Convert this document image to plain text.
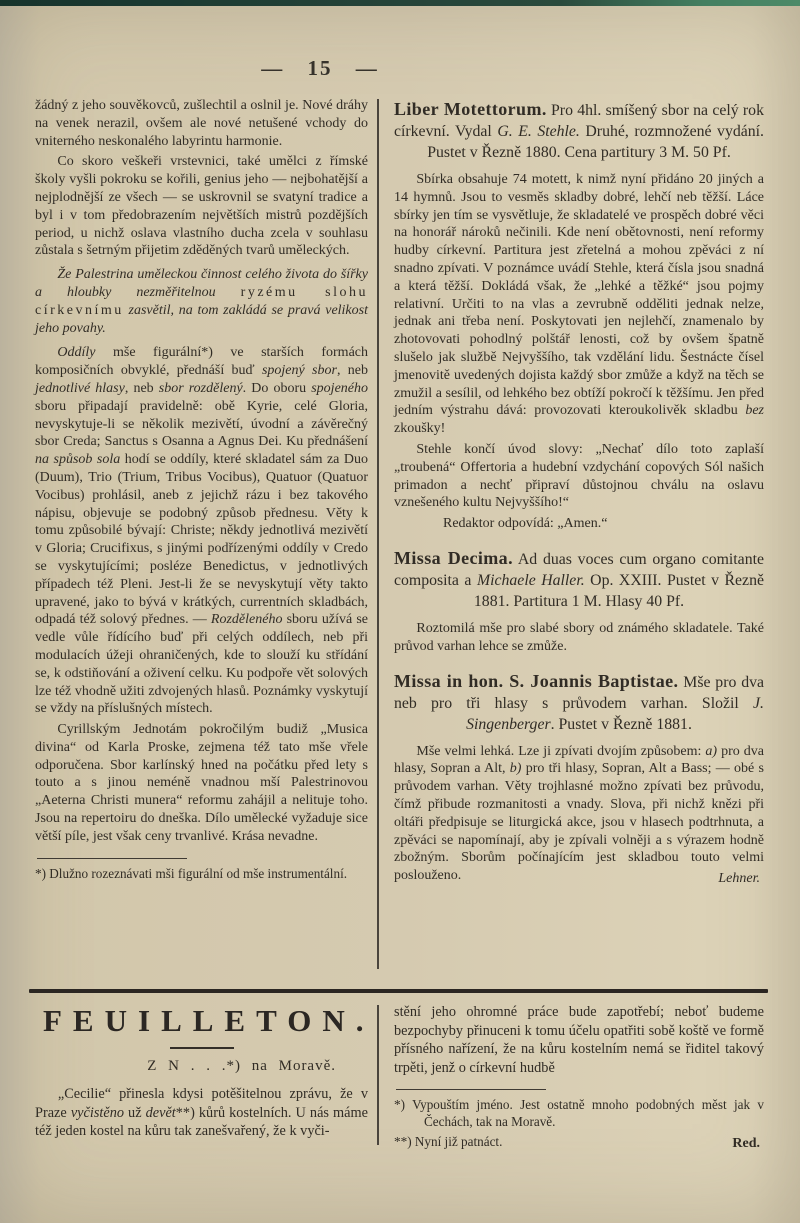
— 15 —

žádný z jeho souvěkovců, zušlechtil a oslnil je. Nové dráhy na venek nerazil, ovšem ale nové netušené vchody do vniterného neskonalého labyrintu harmonie.

Co skoro veškeři vrstevnici, také umělci z římské školy vyšli pokroku se kořili, genius jeho — nejbohatější a nejplodnější ze všech — se uskrovnil se svatyní tradice a byl i v tom předobrazením největších mistrů pozdějších period, u nichž oslava vlastního ducha zcela v souhlasu zůstala s šetrným přijetim zděděných tvarů uměleckých.

Že Palestrina uměleckou činnost celého života do šířky a hloubky nezměřitelnou ryzému slohu církevnímu zasvětil, na tom zakládá se pravá velikost jeho povahy.

Oddíly mše figurální*) ve starších formách komposičních obvyklé, přednáší buď spojený sbor, neb jednotlivé hlasy, neb sbor rozdělený. Do oboru spojeného sboru připadají pravidelně: obě Kyrie, celé Gloria, nevyskytuje-li se několik mezivětí, úvodní a závěrečný sbor Creda; Sanctus s Osanna a Agnus Dei. Ku přednášení na spůsob sola hodí se oddíly, které skladatel sám za Duo (Duum), Trio (Trium, Tribus Vocibus), Quatuor (Quatuor Vocibus) prohlásil, aneb z jejichž rázu i bez takového nápisu, objevuje se podobný způsob přednesu. Věty k tomu způsobilé bývají: Christe; někdy jednotlivá mezivětí v Gloria; Crucifixus, s jinými podřízenými oddíly v Credo se vyskytujícími; posléze Benedictus, v jednotlivých případech též Pleni. Jest-li že se nevyskytují věty takto upravené, jako to bývá v krátkých, currentních skladbách, odpadá též solový přednes. — Rozděleného sboru užívá se vedle vůle řídícího buď při celých oddílech, neb při modulacích úžeji ohraničených, kde to slouží ku střídání se, k odstiňování a oživení celku. Ku podpoře vět solových lze též vhodně užiti zdvojených hlasů. Poznámky vyskytují se vždy na příslušných místech.

Cyrillským Jednotám pokročilým budiž „Musica divina“ od Karla Proske, zejmena též tato mše vřele odporučena. Sbor karlínský hned na počátku před lety s touto a s jinou neméně vnadnou mší Palestrinovou „Aeterna Christi munera“ reformu zahájil a nelituje toho. Jsou na repertoiru do dneška. Dílo umělecké vyžaduje sice větší píle, jest však ceny trvanlivé. Krása nevadne.

*) Dlužno rozeznávati mši figurální od mše instrumentální.

Liber Motettorum. Pro 4hl. smíšený sbor na celý rok církevní. Vydal G. E. Stehle. Druhé, rozmnožené vydání. Pustet v Řezně 1880. Cena partitury 3 M. 50 Pf.

Sbírka obsahuje 74 motett, k nimž nyní přidáno 20 jiných a 14 hymnů. Jsou to vesměs skladby dobré, lehčí neb těžší. Láce sbírky jen tím se vysvětluje, že skladatelé ve prospěch dobré věci na honorář nároků nečinili. Kde není obětovnosti, není reformy hudby církevní. Partitura jest zřetelná a mohou zpěváci z ní snadno zpívati. V poznámce uvádí Stehle, která čísla jsou snadná a která těžší. Dokládá však, že „lehké a těžké“ jsou pojmy relativní. Určiti to na vlas a zevrubně odděliti jednak nelze, jednak ani třeba není. Poskytovati jen nejlehčí, znamenalo by zhotovovati pohodlný polštář lenosti, což by ovšem špatně slušelo jak službě Nejvyššího, tak vzdělání lidu. Šestnácte čísel jmenovitě uvedených dojista každý sbor zmůže a když na těch se zmužil a sesílil, od lehkého bez obtíží pokročí k těžšímu. Jen před jedním výstrahu dává: provozovati kteroukolivěk skladbu bez zkoušky!

Stehle končí úvod slovy: „Nechať dílo toto zaplaší „troubená“ Offertoria a hudební vzdychání copových Sól našich primadon a nechť připraví důstojnou chválu na oslavu vznešeného kultu Nejvyššího!“

Redaktor odpovídá: „Amen.“

Missa Decima. Ad duas voces cum organo comitante composita a Michaele Haller. Op. XXIII. Pustet v Řezně 1881. Partitura 1 M. Hlasy 40 Pf.

Roztomilá mše pro slabé sbory od známého skladatele. Také průvod varhan lehce se zmůže.

Missa in hon. S. Joannis Baptistae. Mše pro dva neb pro tři hlasy s průvodem varhan. Složil J. Singenberger. Pustet v Řezně 1881.

Mše velmi lehká. Lze ji zpívati dvojím způsobem: a) pro dva hlasy, Sopran a Alt, b) pro tři hlasy, Sopran, Alt a Bass; — obé s průvodem varhan. Věty trojhlasné možno zpívati bez průvodu, čímž přibude rozmanitosti a vnady. Slova, při nichž knězi při oltáři předpisuje se liturgická akce, jsou v hlasech podtrhnuta, a zpěváci se napomínají, aby je zpívali volněji a s výrazem hodně zbožným. Sborům počínajícím jest skladbou touto velmi poslouženo.	Lehner.

FEUILLETON.

Z N . . .*) na Moravě.

„Cecilie“ přinesla kdysi potěšitelnou zprávu, že v Praze vyčistěno už devět**) kůrů kostelních. U nás máme též jeden kostel na kůru tak zanešvařený, že k vyči-

stění jeho ohromné práce bude zapotřebí; neboť budeme bezpochyby přinuceni k tomu účelu opatřiti sobě koště ve formě přísného nařízení, že na kůru kostelním nemá se řiditel takový trpěti, jenž o církevní hudbě

*) Vypouštím jméno. Jest ostatně mnoho podobných měst jak v Čechách, tak na Moravě.

**) Nyní již patnáct.	Red.
